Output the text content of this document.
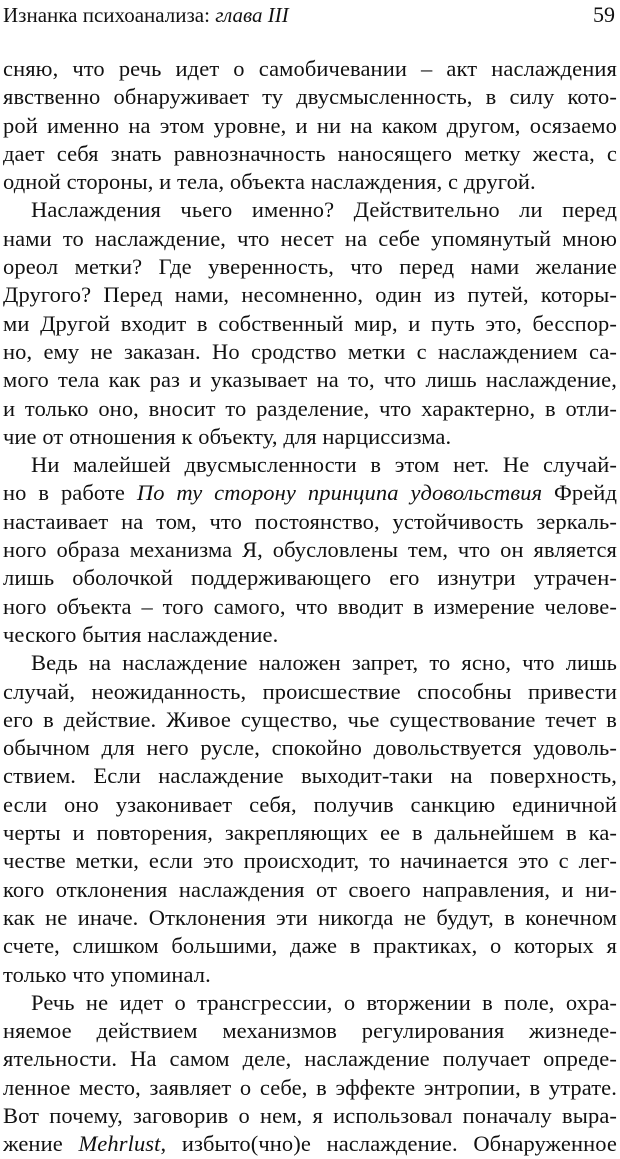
Изнанка психоанализа: глава III	59
сняю, что речь идет о самобичевании – акт наслаждения
явственно обнаруживает ту двусмысленность, в силу кото-
рой именно на этом уровне, и ни на каком другом, осязаемо
дает себя знать равнозначность наносящего метку жеста, с
одной стороны, и тела, объекта наслаждения, с другой.
Наслаждения чьего именно? Действительно ли перед
нами то наслаждение, что несет на себе упомянутый мною
ореол метки? Где уверенность, что перед нами желание
Другого? Перед нами, несомненно, один из путей, которы-
ми Другой входит в собственный мир, и путь это, бесспор-
но, ему не заказан. Но сродство метки с наслаждением са-
мого тела как раз и указывает на то, что лишь наслаждение,
и только оно, вносит то разделение, что характерно, в отли-
чие от отношения к объекту, для нарциссизма.
Ни малейшей двусмысленности в этом нет. Не случай-
но в работе По ту сторону принципа удовольствия Фрейд
настаивает на том, что постоянство, устойчивость зеркаль-
ного образа механизма Я, обусловлены тем, что он является
лишь оболочкой поддерживающего его изнутри утрачен-
ного объекта – того самого, что вводит в измерение челове-
ческого бытия наслаждение.
Ведь на наслаждение наложен запрет, то ясно, что лишь
случай, неожиданность, происшествие способны привести
его в действие. Живое существо, чье существование течет в
обычном для него русле, спокойно довольствуется удоволь-
ствием. Если наслаждение выходит-таки на поверхность,
если оно узаконивает себя, получив санкцию единичной
черты и повторения, закрепляющих ее в дальнейшем в ка-
честве метки, если это происходит, то начинается это с лег-
кого отклонения наслаждения от своего направления, и ни-
как не иначе. Отклонения эти никогда не будут, в конечном
счете, слишком большими, даже в практиках, о которых я
только что упоминал.
Речь не идет о трансгрессии, о вторжении в поле, охра-
няемое действием механизмов регулирования жизнеде-
ятельности. На самом деле, наслаждение получает опреде-
ленное место, заявляет о себе, в эффекте энтропии, в утрате.
Вот почему, заговорив о нем, я использовал поначалу выра-
жение Mehrlust, избыто(чно)е наслаждение. Обнаруженное
